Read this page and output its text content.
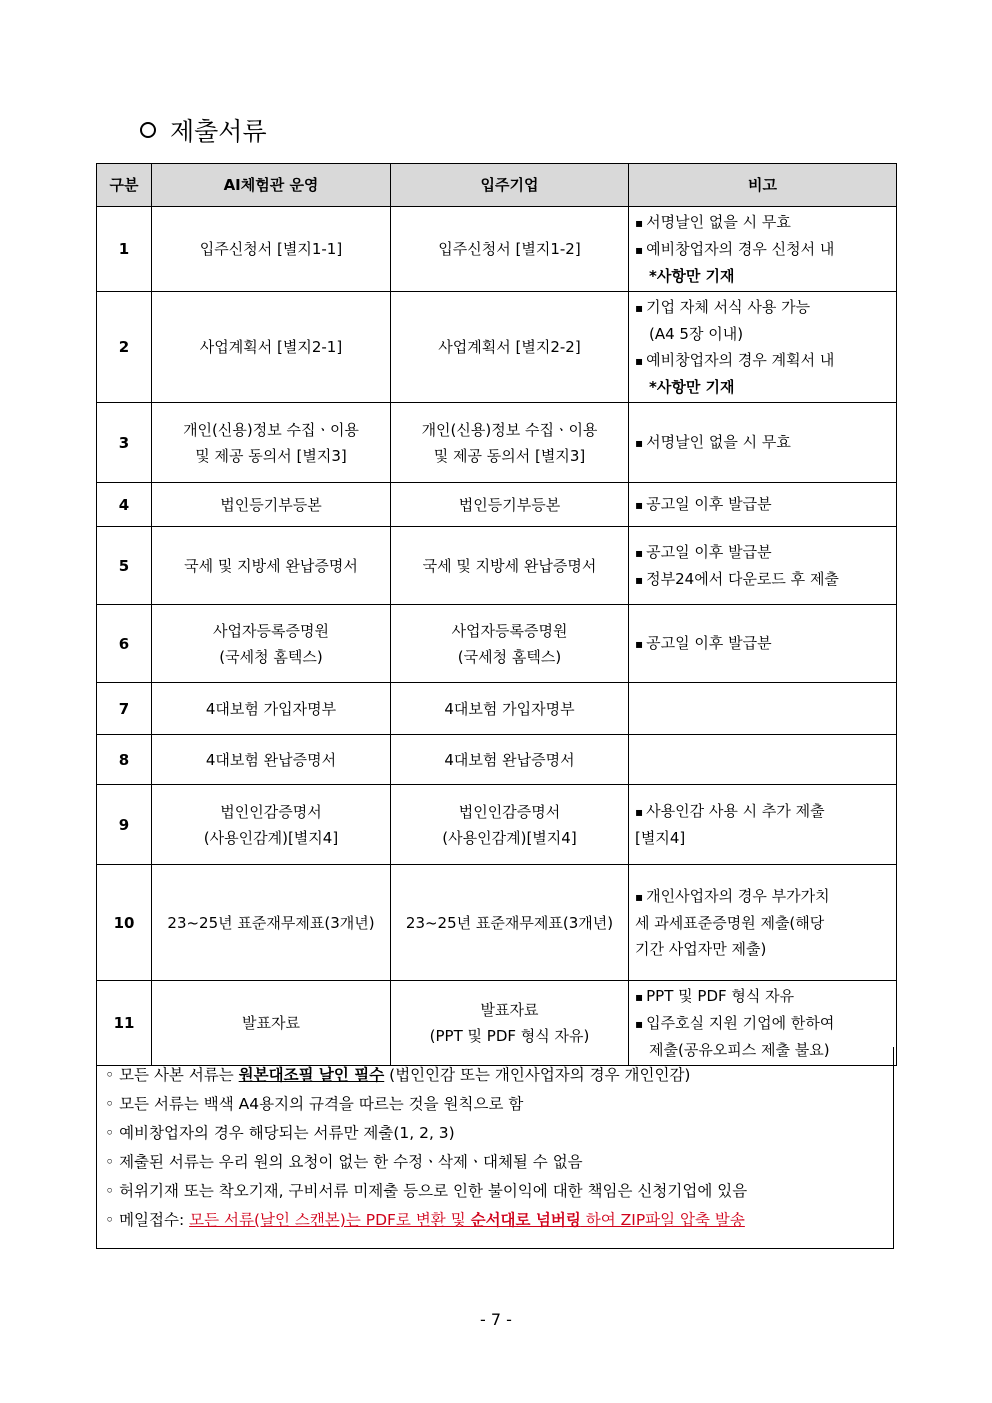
제출서류
구분	AI체험관 운영	입주기업	비고
1	입주신청서 [별지1-1]	입주신청서 [별지1-2]	▪ 서명날인 없을 시 무효
▪ 예비창업자의 경우 신청서 내
*사항만 기재

2	사업계획서 [별지2-1]	사업계획서 [별지2-2]	▪ 기업 자체 서식 사용 가능
(A4 5장 이내)
▪ 예비창업자의 경우 계획서 내
*사항만 기재

3	개인(신용)정보 수집ㆍ이용
및 제공 동의서 [별지3]	개인(신용)정보 수집ㆍ이용
및 제공 동의서 [별지3]	▪ 서명날인 없을 시 무효

4	법인등기부등본	법인등기부등본	▪ 공고일 이후 발급분

5	국세 및 지방세 완납증명서	국세 및 지방세 완납증명서	▪ 공고일 이후 발급분
▪ 정부24에서 다운로드 후 제출

6	사업자등록증명원
(국세청 홈텍스)	사업자등록증명원
(국세청 홈텍스)	▪ 공고일 이후 발급분

7	4대보험 가입자명부	4대보험 가입자명부	

8	4대보험 완납증명서	4대보험 완납증명서	

9	법인인감증명서
(사용인감계)[별지4]	법인인감증명서
(사용인감계)[별지4]	▪ 사용인감 사용 시 추가 제출
[별지4]

10	23~25년 표준재무제표(3개년)	23~25년 표준재무제표(3개년)	▪ 개인사업자의 경우 부가가치
세 과세표준증명원 제출(해당
기간 사업자만 제출)

11	발표자료	발표자료
(PPT 및 PDF 형식 자유)	▪ PPT 및 PDF 형식 자유
▪ 입주호실 지원 기업에 한하여
제출(공유오피스 제출 불요)
◦ 모든 사본 서류는 원본대조필 날인 필수 (법인인감 또는 개인사업자의 경우 개인인감)
◦ 모든 서류는 백색 A4용지의 규격을 따르는 것을 원칙으로 함
◦ 예비창업자의 경우 해당되는 서류만 제출(1, 2, 3)
◦ 제출된 서류는 우리 원의 요청이 없는 한 수정ㆍ삭제ㆍ대체될 수 없음
◦ 허위기재 또는 착오기재, 구비서류 미제출 등으로 인한 불이익에 대한 책임은 신청기업에 있음
◦ 메일접수: 모든 서류(날인 스캔본)는 PDF로 변환 및 순서대로 넘버링 하여 ZIP파일 압축 발송
- 7 -
